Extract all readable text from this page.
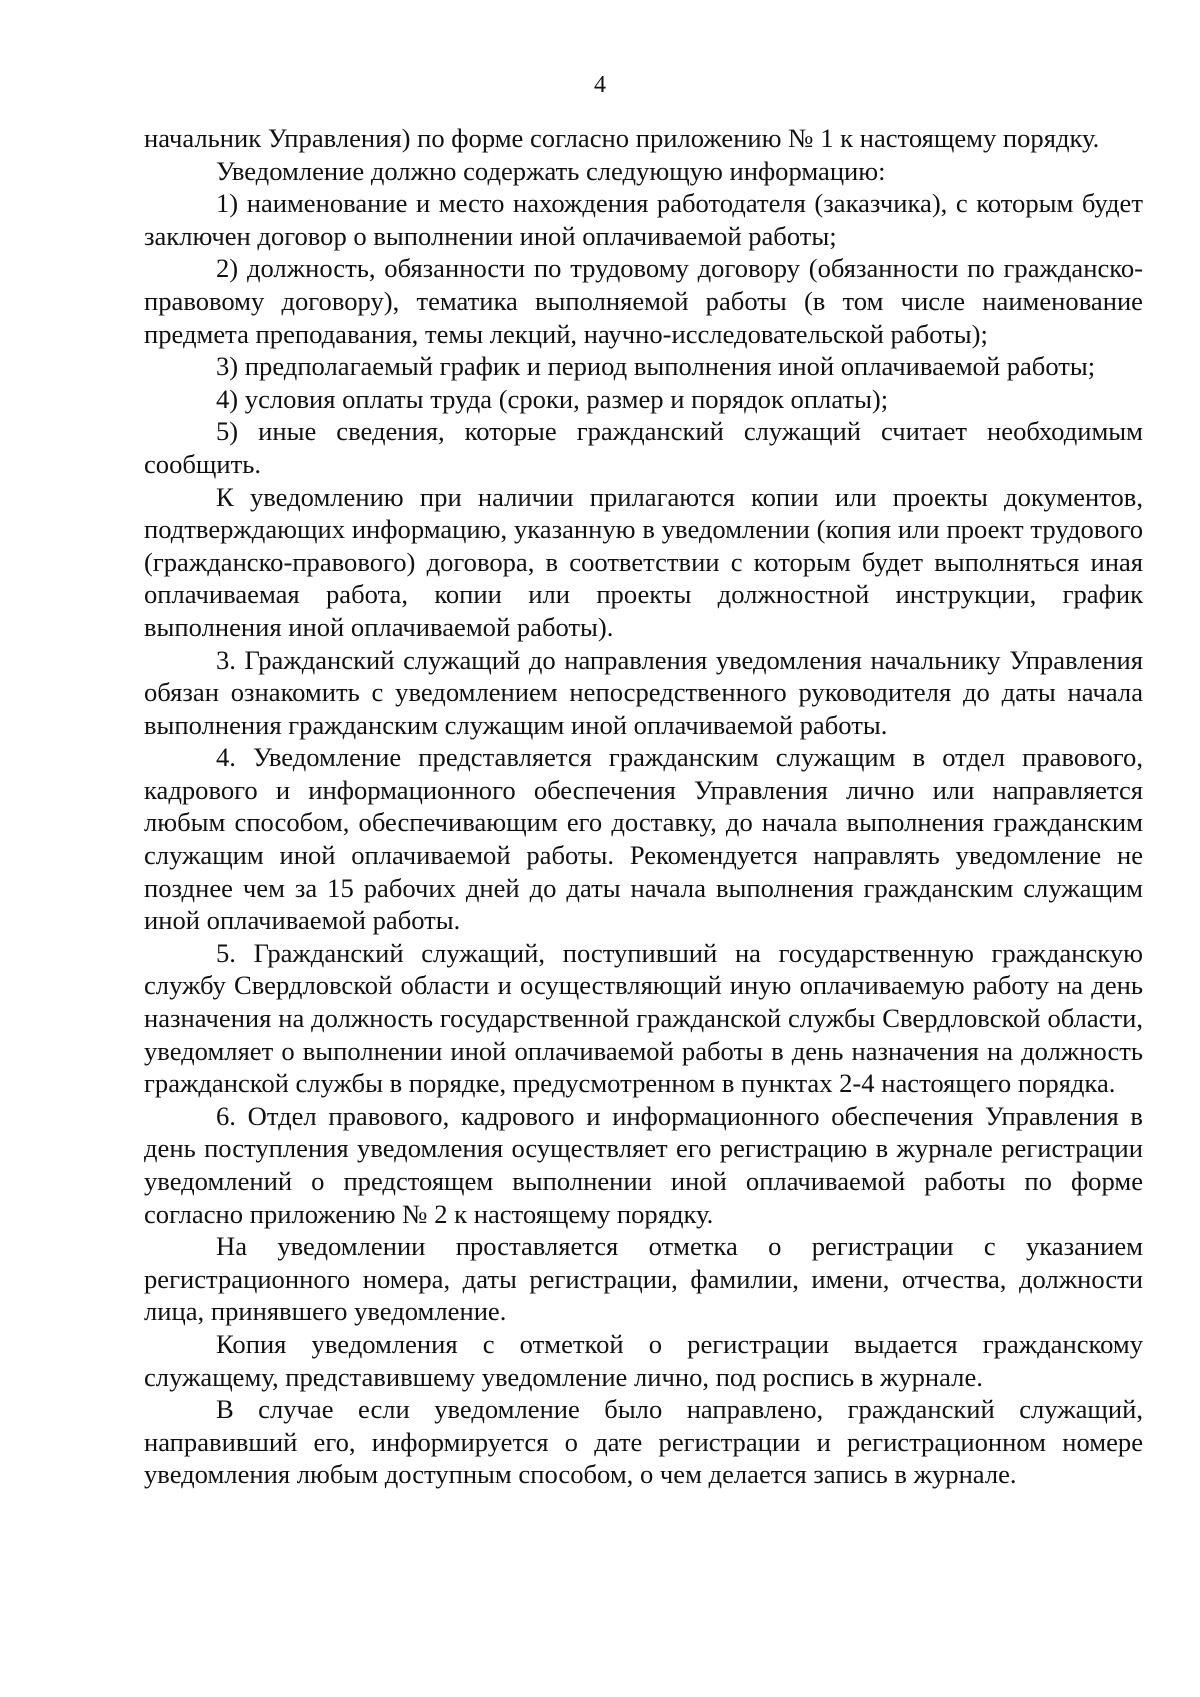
4

начальник Управления) по форме согласно приложению № 1 к настоящему порядку.

Уведомление должно содержать следующую информацию:

1) наименование и место нахождения работодателя (заказчика), с которым будет заключен договор о выполнении иной оплачиваемой работы;

2) должность, обязанности по трудовому договору (обязанности по гражданско-правовому договору), тематика выполняемой работы (в том числе наименование предмета преподавания, темы лекций, научно-исследовательской работы);

3) предполагаемый график и период выполнения иной оплачиваемой работы;

4) условия оплаты труда (сроки, размер и порядок оплаты);

5) иные сведения, которые гражданский служащий считает необходимым сообщить.

К уведомлению при наличии прилагаются копии или проекты документов, подтверждающих информацию, указанную в уведомлении (копия или проект трудового (гражданско-правового) договора, в соответствии с которым будет выполняться иная оплачиваемая работа, копии или проекты должностной инструкции, график выполнения иной оплачиваемой работы).

3. Гражданский служащий до направления уведомления начальнику Управления обязан ознакомить с уведомлением непосредственного руководителя до даты начала выполнения гражданским служащим иной оплачиваемой работы.

4. Уведомление представляется гражданским служащим в отдел правового, кадрового и информационного обеспечения Управления лично или направляется любым способом, обеспечивающим его доставку, до начала выполнения гражданским служащим иной оплачиваемой работы. Рекомендуется направлять уведомление не позднее чем за 15 рабочих дней до даты начала выполнения гражданским служащим иной оплачиваемой работы.

5. Гражданский служащий, поступивший на государственную гражданскую службу Свердловской области и осуществляющий иную оплачиваемую работу на день назначения на должность государственной гражданской службы Свердловской области, уведомляет о выполнении иной оплачиваемой работы в день назначения на должность гражданской службы в порядке, предусмотренном в пунктах 2-4 настоящего порядка.

6. Отдел правового, кадрового и информационного обеспечения Управления в день поступления уведомления осуществляет его регистрацию в журнале регистрации уведомлений о предстоящем выполнении иной оплачиваемой работы по форме согласно приложению № 2 к настоящему порядку.

На уведомлении проставляется отметка о регистрации с указанием регистрационного номера, даты регистрации, фамилии, имени, отчества, должности лица, принявшего уведомление.

Копия уведомления с отметкой о регистрации выдается гражданскому служащему, представившему уведомление лично, под роспись в журнале.

В случае если уведомление было направлено, гражданский служащий, направивший его, информируется о дате регистрации и регистрационном номере уведомления любым доступным способом, о чем делается запись в журнале.
